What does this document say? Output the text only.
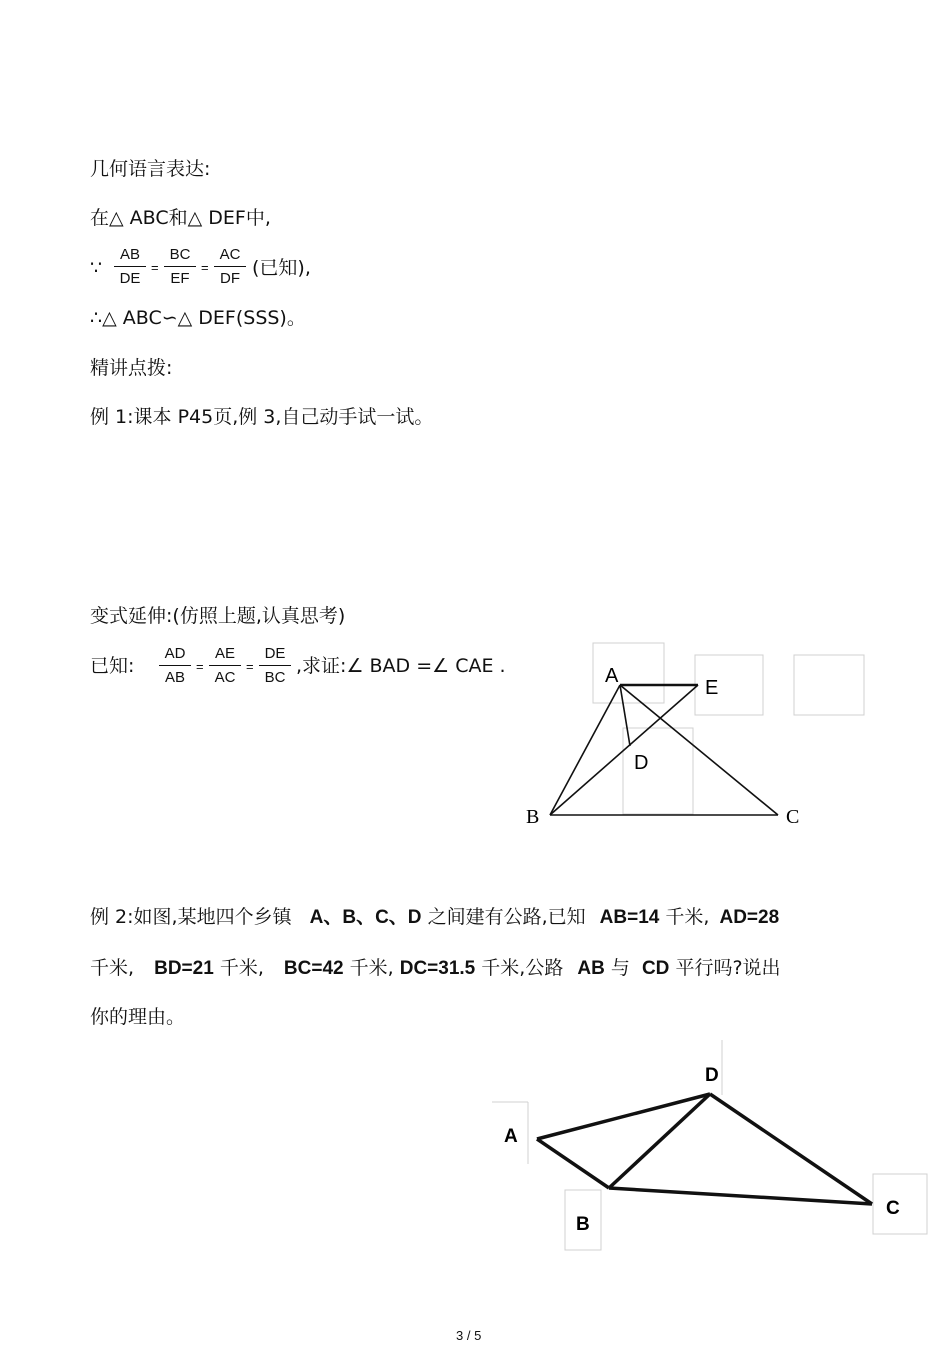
几何语言表达:
在△ ABC和△ DEF中,
∵
AB
DE
=
BC
EF
=
AC
DF (已知),
∴△ ABC∽△ DEF(SSS)。
精讲点拨:
例 1:课本 P45页,例 3,自己动手试一试。
变式延伸:(仿照上题,认真思考)
已知:
AD
AB
=
AE
AC
=
DE
BC
,求证:∠ BAD =∠ CAE .	A
E
D
B	C
例 2:如图,某地四个乡镇 A、B、C、D 之间建有公路,已知 AB=14 千米, AD=28
千米, BD=21 千米, BC=42 千米, DC=31.5 千米,公路 AB 与 CD 平行吗?说出
你的理由。
D
A
B
C
3 / 5
